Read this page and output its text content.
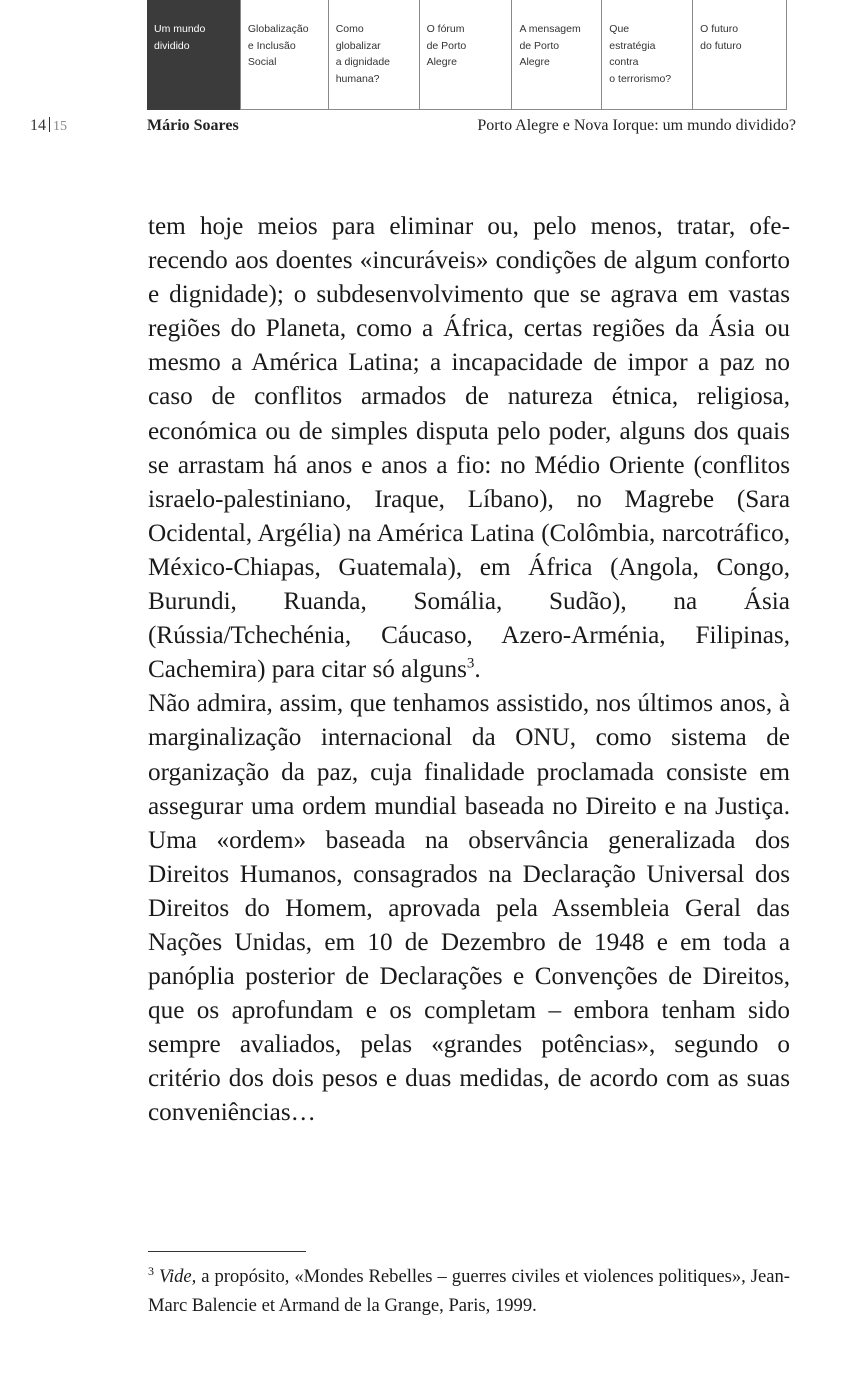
Um mundo
dividido
Globalização
e Inclusão
Social
Como
globalizar
a dignidade
humana?
O fórum
de Porto
Alegre
A mensagem
de Porto
Alegre
Que
estratégia
contra
o terrorismo?
O futuro
do futuro
14 15	Mário Soares	Porto Alegre e Nova Iorque: um mundo dividido?

tem hoje meios para eliminar ou, pelo menos, tratar, oferecendo aos doentes «incuráveis» condições de algum conforto e dignidade); o subdesenvolvimento que se agrava em vastas regiões do Planeta, como a África, certas regiões da Ásia ou mesmo a América Latina; a incapacidade de impor a paz no caso de conflitos armados de natureza étnica, religiosa, económica ou de simples disputa pelo poder, alguns dos quais se arrastam há anos e anos a fio: no Médio Oriente (conflitos israelo-palestiniano, Iraque, Líbano), no Magrebe (Sara Ocidental, Argélia) na América Latina (Colômbia, narcotráfico, México-Chiapas, Guatemala), em África (Angola, Congo, Burundi, Ruanda, Somália, Sudão), na Ásia (Rússia/Tchechénia, Cáucaso, Azero-Arménia, Filipinas, Cachemira) para citar só alguns$^3$.

Não admira, assim, que tenhamos assistido, nos últimos anos, à marginalização internacional da ONU, como sistema de organização da paz, cuja finalidade proclamada consiste em assegurar uma ordem mundial baseada no Direito e na Justiça. Uma «ordem» baseada na observância generalizada dos Direitos Humanos, consagrados na Declaração Universal dos Direitos do Homem, aprovada pela Assembleia Geral das Nações Unidas, em 10 de Dezembro de 1948 e em toda a panóplia posterior de Declarações e Convenções de Direitos, que os aprofundam e os completam – embora tenham sido sempre avaliados, pelas «grandes potências», segundo o critério dos dois pesos e duas medidas, de acordo com as suas conveniências…

$^3$ Vide, a propósito, «Mondes Rebelles – guerres civiles et violences politiques», Jean-Marc Balencie et Armand de la Grange, Paris, 1999.
